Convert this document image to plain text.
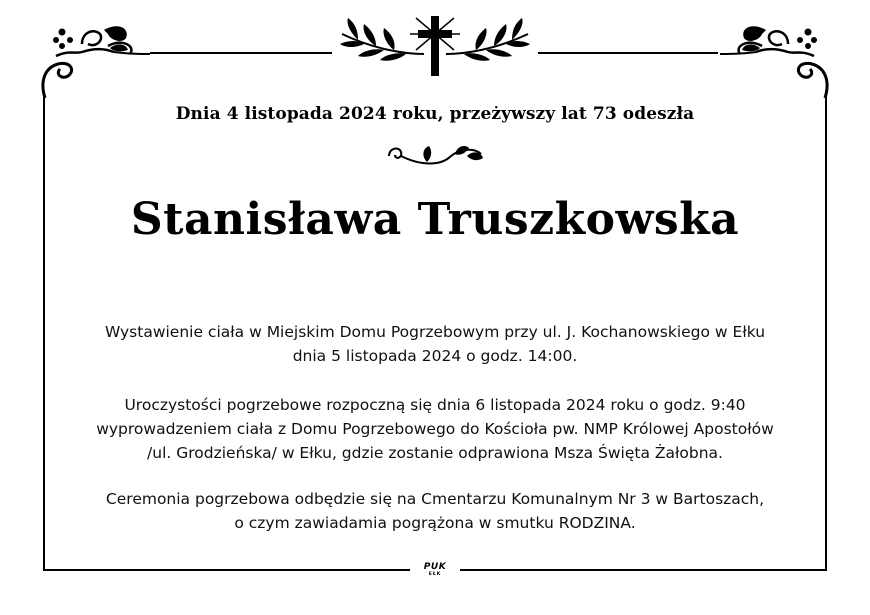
Dnia 4 listopada 2024 roku, przeżywszy lat 73 odeszła
Stanisława Truszkowska
Wystawienie ciała w Miejskim Domu Pogrzebowym przy ul. J. Kochanowskiego w Ełku
dnia 5 listopada 2024 o godz. 14:00.
Uroczystości pogrzebowe rozpoczną się dnia 6 listopada 2024 roku o godz. 9:40
wyprowadzeniem ciała z Domu Pogrzebowego do Kościoła pw. NMP Królowej Apostołów
/ul. Grodzieńska/ w Ełku, gdzie zostanie odprawiona Msza Święta Żałobna.
Ceremonia pogrzebowa odbędzie się na Cmentarzu Komunalnym Nr 3 w Bartoszach,
o czym zawiadamia pogrążona w smutku RODZINA.
PUK
EŁK
